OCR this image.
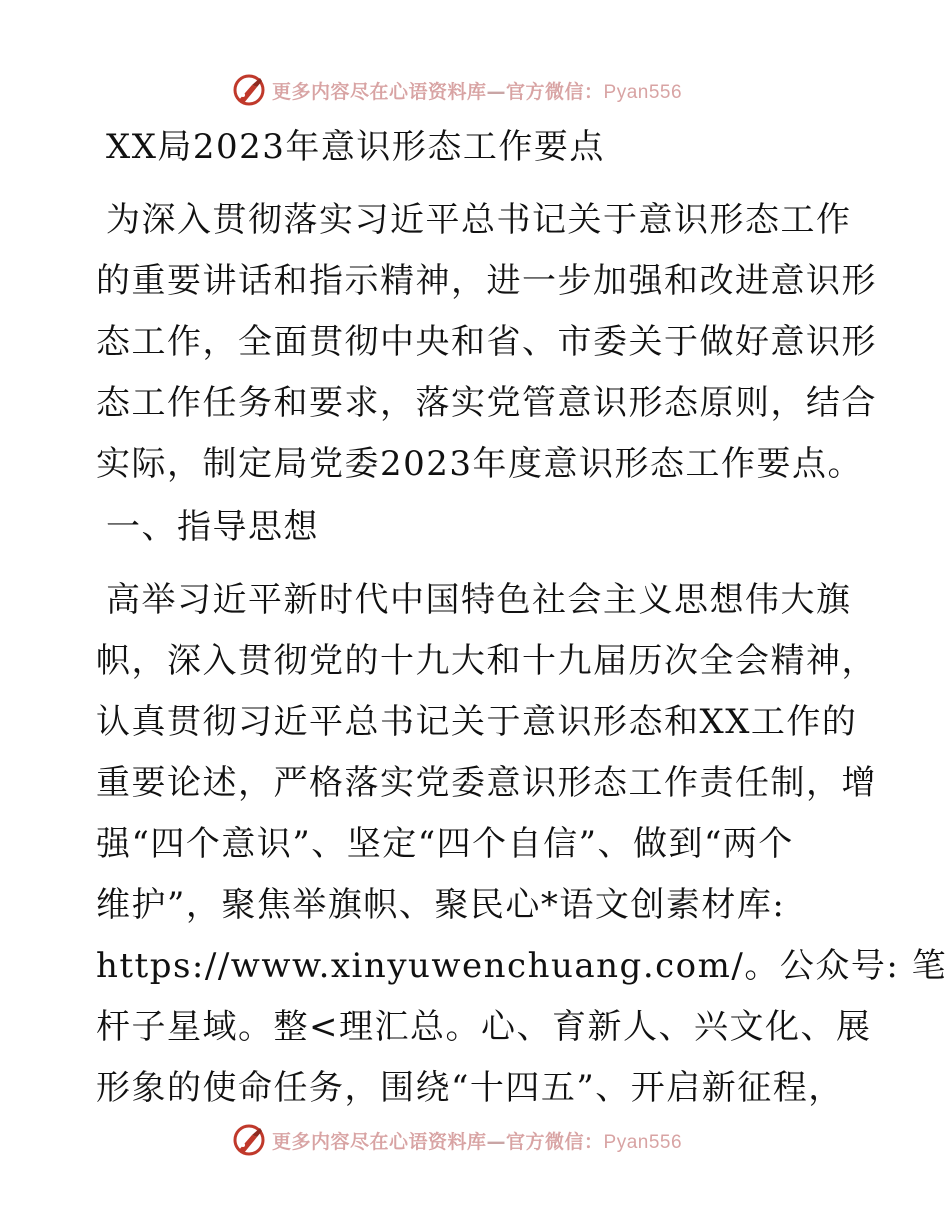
更多内容尽在心语资料库—官方微信：Pyan556
XX局2023年意识形态工作要点
为深入贯彻落实习近平总书记关于意识形态工作
的重要讲话和指示精神，进一步加强和改进意识形
态工作，全面贯彻中央和省、市委关于做好意识形
态工作任务和要求，落实党管意识形态原则，结合
实际，制定局党委2023年度意识形态工作要点。
一、指导思想
高举习近平新时代中国特色社会主义思想伟大旗
帜，深入贯彻党的十九大和十九届历次全会精神，
认真贯彻习近平总书记关于意识形态和XX工作的
重要论述，严格落实党委意识形态工作责任制，增
强“四个意识”、坚定“四个自信”、做到“两个
维护”，聚焦举旗帜、聚民心*语文创素材库:
https://www.xinyuwenchuang.com/。公众号: 笔
杆子星域。整<理汇总。心、育新人、兴文化、展
形象的使命任务，围绕“十四五”、开启新征程，
更多内容尽在心语资料库—官方微信：Pyan556
